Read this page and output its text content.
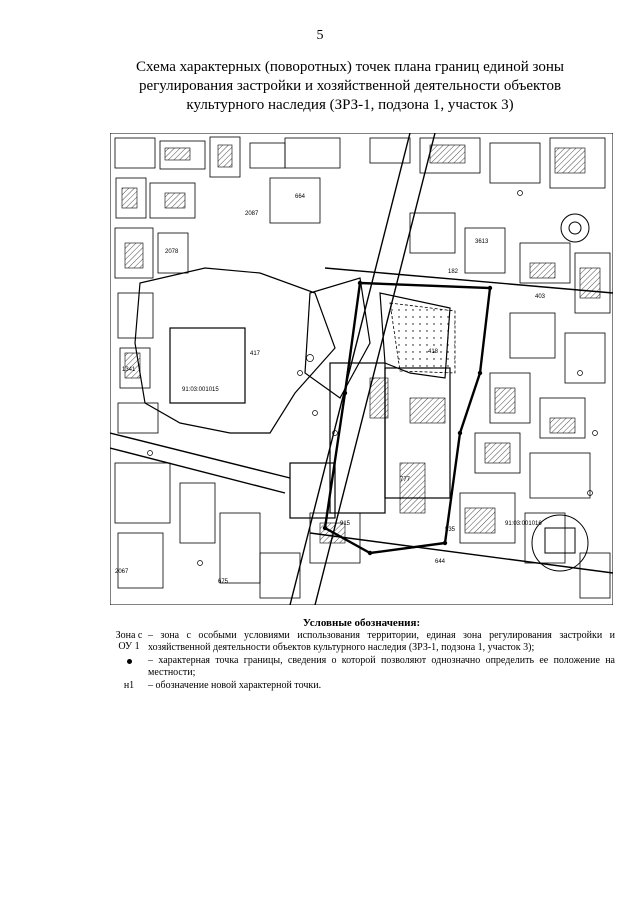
5
Схема характерных (поворотных) точек плана границ единой зоны
регулирования застройки и хозяйственной деятельности объектов
культурного наследия (ЗРЗ-1, подзона 1, участок 3)
91:03:001015
91:03:001016
417	418
2087
2078
664
777
675
644
535
915
3613
182
403
1341
2067
Условные обозначения:
Зона с
ОУ 1
– зона с особыми условиями использования территории, единая зона регулирования застройки и хозяйственной деятельности объектов культурного наследия (ЗРЗ-1, подзона 1, участок 3);
– характерная точка границы, сведения о которой позволяют однозначно определить ее положение на местности;
н1	– обозначение новой характерной точки.
